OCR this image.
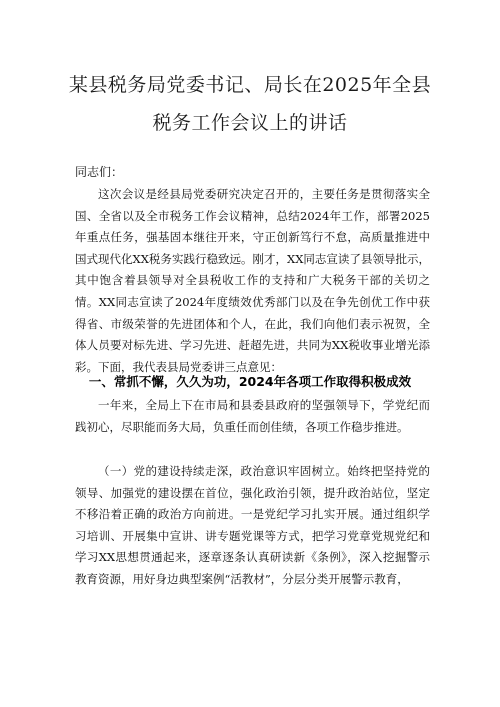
某县税务局党委书记、局长在2025年全县
税务工作会议上的讲话
同志们：

这次会议是经县局党委研究决定召开的，主要任务是贯彻落实全国、全省以及全市税务工作会议精神，总结2024年工作，部署2025年重点任务，强基固本继往开来，守正创新笃行不怠，高质量推进中国式现代化XX税务实践行稳致远。刚才，XX同志宣读了县领导批示，其中饱含着县领导对全县税收工作的支持和广大税务干部的关切之情。XX同志宣读了2024年度绩效优秀部门以及在争先创优工作中获得省、市级荣誉的先进团体和个人，在此，我们向他们表示祝贺，全体人员要对标先进、学习先进、赶超先进，共同为XX税收事业增光添彩。下面，我代表县局党委讲三点意见：

一、常抓不懈，久久为功，2024年各项工作取得积极成效

一年来，全局上下在市局和县委县政府的坚强领导下，学党纪而践初心，尽职能而务大局，负重任而创佳绩，各项工作稳步推进。

（一）党的建设持续走深，政治意识牢固树立。始终把坚持党的领导、加强党的建设摆在首位，强化政治引领，提升政治站位，坚定不移沿着正确的政治方向前进。一是党纪学习扎实开展。通过组织学习培训、开展集中宣讲、讲专题党课等方式，把学习党章党规党纪和学习XX思想贯通起来，逐章逐条认真研读新《条例》，深入挖掘警示教育资源，用好身边典型案例“活教材”，分层分类开展警示教育，
